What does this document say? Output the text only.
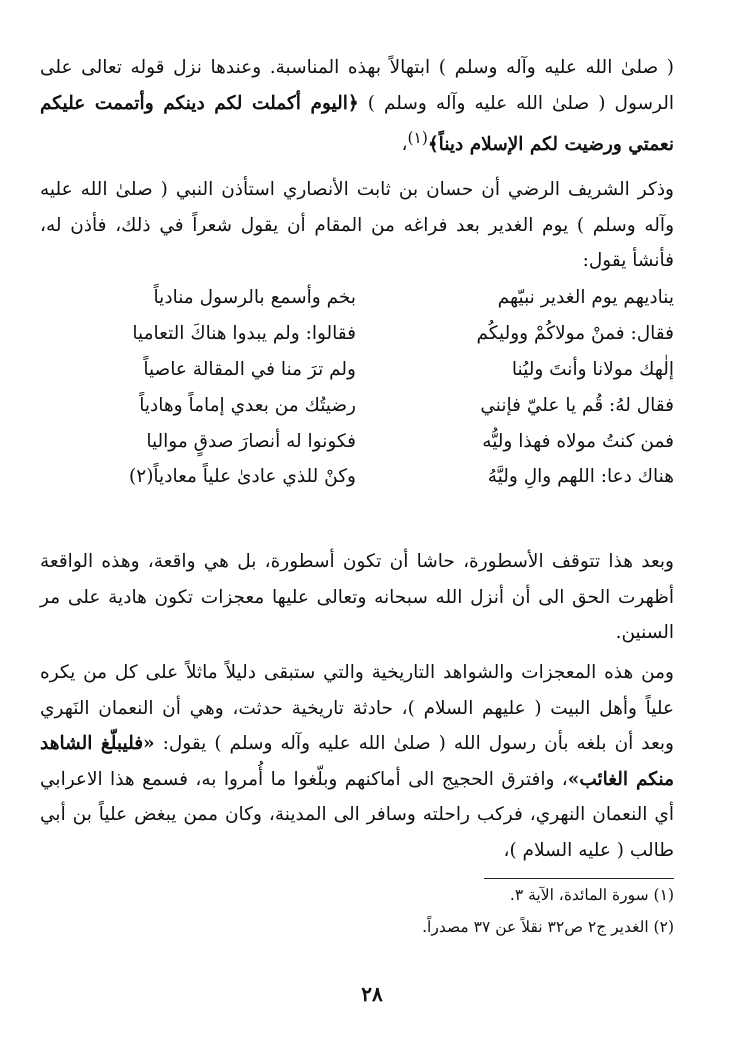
( صلىٰ الله عليه وآله وسلم ) ابتهالاً بهذه المناسبة. وعندها نزل قوله تعالى على الرسول ( صلىٰ الله عليه وآله وسلم ) ﴿اليوم أكملت لكم دينكم وأتممت عليكم نعمتي ورضيت لكم الإسلام ديناً﴾$^{(١)}$،
وذكر الشريف الرضي أن حسان بن ثابت الأنصاري استأذن النبي ( صلىٰ الله عليه وآله وسلم ) يوم الغدير بعد فراغه من المقام أن يقول شعراً في ذلك، فأذن له، فأنشأ يقول:
يناديهم يوم الغدير نبيّهم
بخم وأسمع بالرسول منادياً
فقال: فمنْ مولاكُمْ ووليكُم
فقالوا: ولم يبدوا هناكَ التعاميا
إلٰهك مولانا وأنتَ وليُنا
ولم ترَ منا في المقالة عاصياً
فقال لهُ: قُم يا عليّ فإنني
رضيتُك من بعدي إماماً وهادياً
فمن كنتُ مولاه فهذا وليُّه
فكونوا له أنصارَ صدقٍ مواليا
هناك دعا: اللهم والِ وليَّهُ
وكنْ للذي عادىٰ علياً معادياً(٢)
وبعد هذا تتوقف الأسطورة، حاشا أن تكون أسطورة، بل هي واقعة، وهذه الواقعة أظهرت الحق الى أن أنزل الله سبحانه وتعالى عليها معجزات تكون هادية على مر السنين.
ومن هذه المعجزات والشواهد التاريخية والتي ستبقى دليلاً ماثلاً على كل من يكره علياً وأهل البيت ( عليهم السلام )، حادثة تاريخية حدثت، وهي أن النعمان النَهري وبعد أن بلغه بأن رسول الله ( صلىٰ الله عليه وآله وسلم ) يقول: «فليبلّغ الشاهد منكم الغائب»، وافترق الحجيج الى أماكنهم وبلّغوا ما أُمروا به، فسمع هذا الاعرابي أي النعمان النهري، فركب راحلته وسافر الى المدينة، وكان ممن يبغض علياً بن أبي طالب ( عليه السلام )،
(١) سورة المائدة، الآية ٣.
(٢) الغدير ج٢ ص٣٢ نقلاً عن ٣٧ مصدراً.
٢٨
